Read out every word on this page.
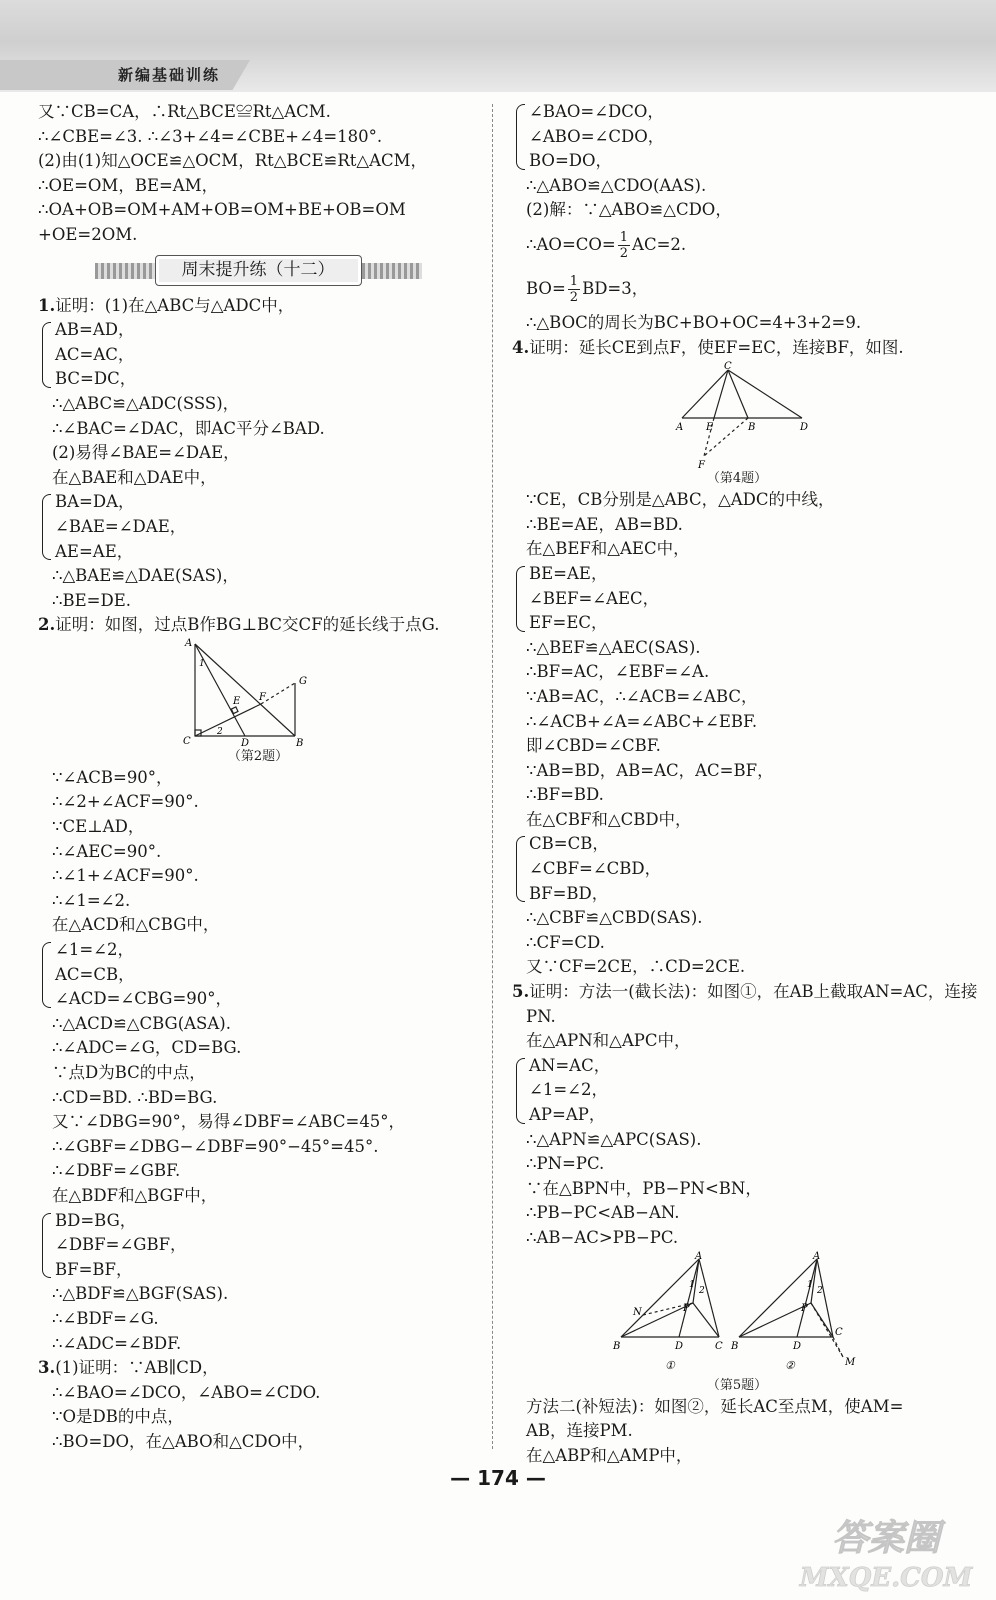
新编基础训练
又∵CB=CA，∴Rt△BCE≌Rt△ACM.
∴∠CBE=∠3. ∴∠3+∠4=∠CBE+∠4=180°.
(2)由(1)知△OCE≌△OCM，Rt△BCE≌Rt△ACM，
∴OE=OM，BE=AM，
∴OA+OB=OM+AM+OB=OM+BE+OB=OM
+OE=2OM.
周末提升练（十二）
1.证明：(1)在△ABC与△ADC中，
AB=AD，
AC=AC，
BC=DC，
∴△ABC≌△ADC(SSS)，
∴∠BAC=∠DAC，即AC平分∠BAD.
(2)易得∠BAE=∠DAE，
在△BAE和△DAE中，
BA=DA，
∠BAE=∠DAE，
AE=AE，
∴△BAE≌△DAE(SAS)，
∴BE=DE.
2.证明：如图，过点B作BG⊥BC交CF的延长线于点G.
A
C	D	B
E F
G
1
2
（第2题）
∵∠ACB=90°，
∴∠2+∠ACF=90°.
∵CE⊥AD，
∴∠AEC=90°.
∴∠1+∠ACF=90°.
∴∠1=∠2.
在△ACD和△CBG中，
∠1=∠2，
AC=CB，
∠ACD=∠CBG=90°，
∴△ACD≌△CBG(ASA).
∴∠ADC=∠G，CD=BG.
∵点D为BC的中点，
∴CD=BD. ∴BD=BG.
又∵∠DBG=90°，易得∠DBF=∠ABC=45°，
∴∠GBF=∠DBG−∠DBF=90°−45°=45°.
∴∠DBF=∠GBF.
在△BDF和△BGF中，
BD=BG，
∠DBF=∠GBF，
BF=BF，
∴△BDF≌△BGF(SAS).
∴∠BDF=∠G.
∴∠ADC=∠BDF.
3.(1)证明：∵AB∥CD，
∴∠BAO=∠DCO，∠ABO=∠CDO.
∵O是DB的中点，
∴BO=DO，在△ABO和△CDO中，
∠BAO=∠DCO，
∠ABO=∠CDO，
BO=DO，
∴△ABO≌△CDO(AAS).
(2)解：∵△ABO≌△CDO，
∴AO=CO= $\frac{1}{2} AC=2$.
$BO= \frac{1}{2} BD=3$，
∴△BOC的周长为BC+BO+OC=4+3+2=9.
4.证明：延长CE到点F，使EF=EC，连接BF，如图.
C
A E	B	D
F
（第4题）
∵CE，CB分别是△ABC，△ADC的中线，
∴BE=AE，AB=BD.
在△BEF和△AEC中，
BE=AE，
∠BEF=∠AEC，
EF=EC，
∴△BEF≌△AEC(SAS).
∴BF=AC，∠EBF=∠A.
∵AB=AC，∴∠ACB=∠ABC，
∴∠ACB+∠A=∠ABC+∠EBF.
即∠CBD=∠CBF.
∵AB=BD，AB=AC，AC=BF，
∴BF=BD.
在△CBF和△CBD中，
CB=CB，
∠CBF=∠CBD，
BF=BD，
∴△CBF≌△CBD(SAS).
∴CF=CD.
又∵CF=2CE，∴CD=2CE.
5.证明：方法一(截长法)：如图①，在AB上截取AN=AC，连接
PN.
在△APN和△APC中，
AN=AC，
∠1=∠2，
AP=AP，
∴△APN≌△APC(SAS).
∴PN=PC.
∵在△BPN中，PB−PN<BN，
∴PB−PC<AB−AN.
∴AB−AC>PB−PC.
A
N	P
B	D	C
1
2
A
P
B	D
C
M
1
2
①	②
（第5题）
方法二(补短法)：如图②，延长AC至点M，使AM=
AB，连接PM.
在△ABP和△AMP中，
— 174 —
答案圈
MXQE.COM
